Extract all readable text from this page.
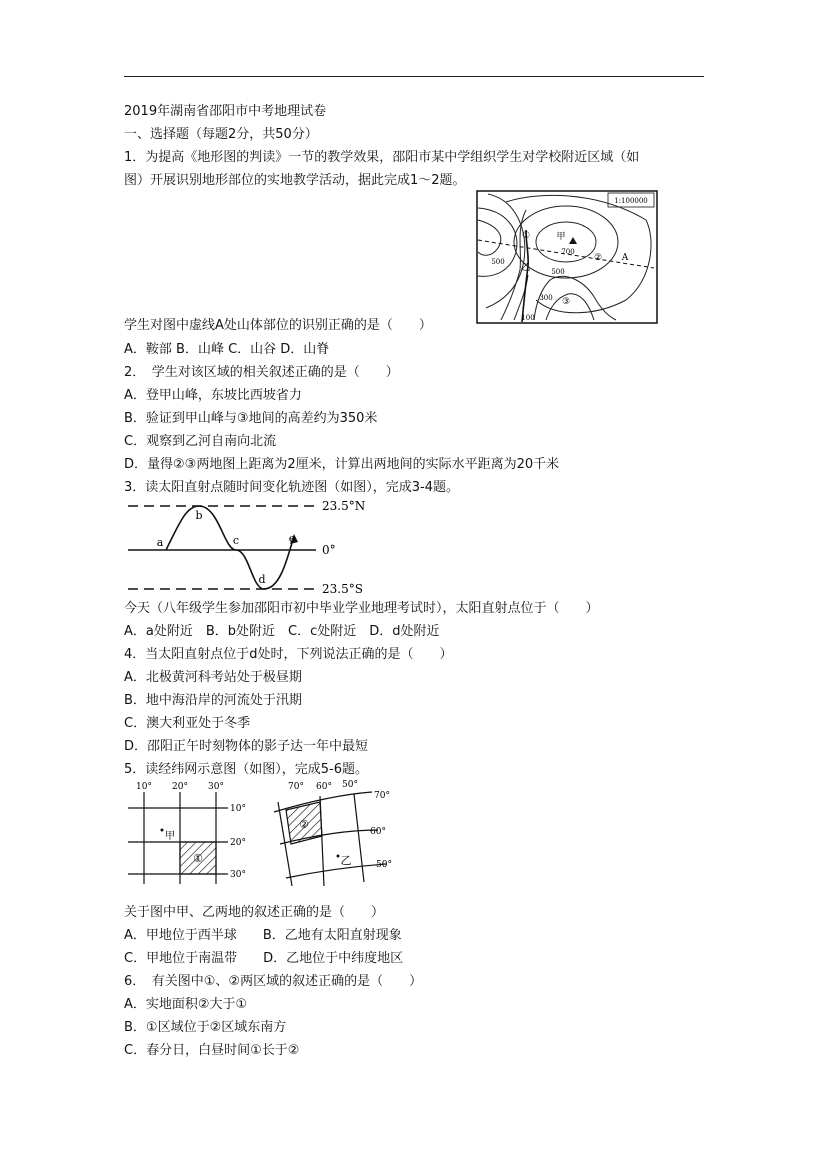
2019年湖南省邵阳市中考地理试卷
一、选择题（每题2分，共50分）
1．为提高《地形图的判读》一节的教学效果，邵阳市某中学组织学生对学校附近区域（如
图）开展识别地形部位的实地教学活动，据此完成1～2题。
1:100000
①	甲
700
② A
500
乙	500
300 ③
100
学生对图中虚线A处山体部位的识别正确的是（　　）
A．鞍部 B．山峰 C．山谷 D．山脊
2．　学生对该区域的相关叙述正确的是（　　）
A．登甲山峰，东坡比西坡省力
B．验证到甲山峰与③地间的高差约为350米
C．观察到乙河自南向北流
D．量得②③两地图上距离为2厘米，计算出两地间的实际水平距离为20千米
3．读太阳直射点随时间变化轨迹图（如图），完成3-4题。
23.5°N
0°
23.5°S
a
b
c
d
e
今天（八年级学生参加邵阳市初中毕业学业地理考试时），太阳直射点位于（　　）
A．a处附近　B．b处附近　C．c处附近　D．d处附近
4．当太阳直射点位于d处时，下列说法正确的是（　　）
A．北极黄河科考站处于极昼期
B．地中海沿岸的河流处于汛期
C．澳大利亚处于冬季
D．邵阳正午时刻物体的影子达一年中最短
5．读经纬网示意图（如图），完成5-6题。
10° 20° 30°
10°
20°
30°
甲
①
70° 60° 50°
70°
60°
50°
②
乙
关于图中甲、乙两地的叙述正确的是（　　）
A．甲地位于西半球　　B．乙地有太阳直射现象
C．甲地位于南温带　　D．乙地位于中纬度地区
6．　有关图中①、②两区域的叙述正确的是（　　）
A．实地面积②大于①
B．①区域位于②区域东南方
C．春分日，白昼时间①长于②
